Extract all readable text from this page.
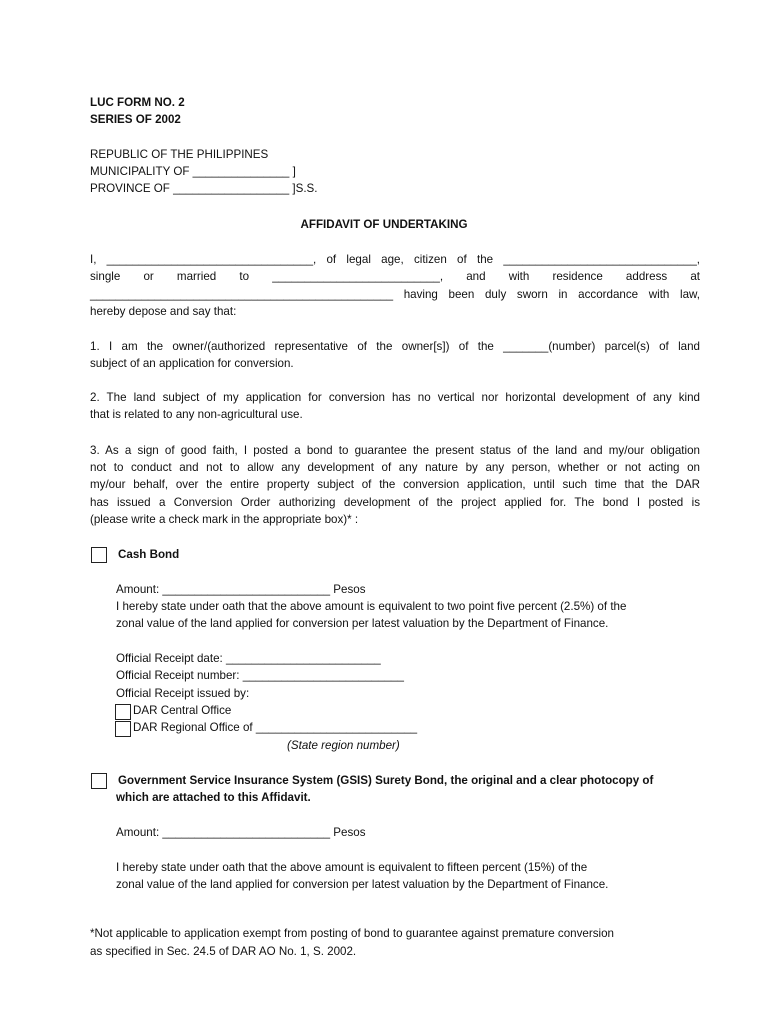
LUC FORM NO. 2
SERIES OF 2002
REPUBLIC OF THE PHILIPPINES
MUNICIPALITY OF _______________ ]
PROVINCE OF __________________ ]S.S.
AFFIDAVIT OF UNDERTAKING
I, ________________________________, of legal age, citizen of the ______________________________,
single or married to __________________________, and with residence address at
_______________________________________________ having been duly sworn in accordance with law,
hereby depose and say that:
1. I am the owner/(authorized representative of the owner[s]) of the _______(number) parcel(s) of land
subject of an application for conversion.
2. The land subject of my application for conversion has no vertical nor horizontal development of any kind
that is related to any non-agricultural use.
3. As a sign of good faith, I posted a bond to guarantee the present status of the land and my/our obligation
not to conduct and not to allow any development of any nature by any person, whether or not acting on
my/our behalf, over the entire property subject of the conversion application, until such time that the DAR
has issued a Conversion Order authorizing development of the project applied for. The bond I posted is
(please write a check mark in the appropriate box)* :
Cash Bond
Amount: __________________________ Pesos
I hereby state under oath that the above amount is equivalent to two point five percent (2.5%) of the
zonal value of the land applied for conversion per latest valuation by the Department of Finance.
Official Receipt date: ________________________
Official Receipt number: _________________________
Official Receipt issued by:
DAR Central Office
DAR Regional Office of _________________________
(State region number)
Government Service Insurance System (GSIS) Surety Bond, the original and a clear photocopy of
which are attached to this Affidavit.
Amount: __________________________ Pesos
I hereby state under oath that the above amount is equivalent to fifteen percent (15%) of the
zonal value of the land applied for conversion per latest valuation by the Department of Finance.
*Not applicable to application exempt from posting of bond to guarantee against premature conversion
as specified in Sec. 24.5 of DAR AO No. 1, S. 2002.
